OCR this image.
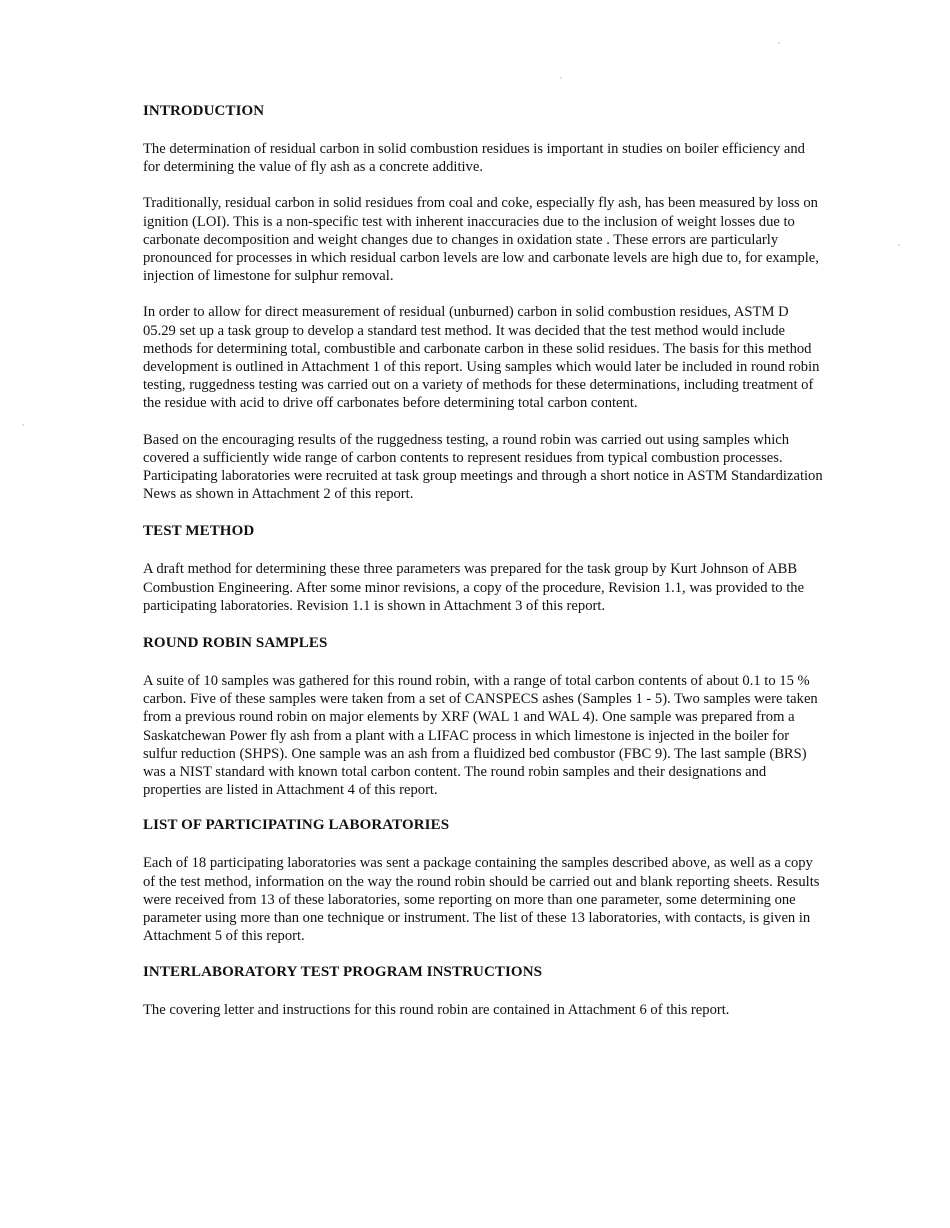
INTRODUCTION

The determination of residual carbon in solid combustion residues is important in studies on boiler efficiency and for determining the value of fly ash as a concrete additive.

Traditionally, residual carbon in solid residues from coal and coke, especially fly ash, has been measured by loss on ignition (LOI). This is a non-specific test with inherent inaccuracies due to the inclusion of weight losses due to carbonate decomposition and weight changes due to changes in oxidation state . These errors are particularly pronounced for processes in which residual carbon levels are low and carbonate levels are high due to, for example, injection of limestone for sulphur removal.

In order to allow for direct measurement of residual (unburned) carbon in solid combustion residues, ASTM D 05.29 set up a task group to develop a standard test method. It was decided that the test method would include methods for determining total, combustible and carbonate carbon in these solid residues. The basis for this method development is outlined in Attachment 1 of this report. Using samples which would later be included in round robin testing, ruggedness testing was carried out on a variety of methods for these determinations, including treatment of the residue with acid to drive off carbonates before determining total carbon content.

Based on the encouraging results of the ruggedness testing, a round robin was carried out using samples which covered a sufficiently wide range of carbon contents to represent residues from typical combustion processes. Participating laboratories were recruited at task group meetings and through a short notice in ASTM Standardization News as shown in Attachment 2 of this report.

TEST METHOD

A draft method for determining these three parameters was prepared for the task group by Kurt Johnson of ABB Combustion Engineering. After some minor revisions, a copy of the procedure, Revision 1.1, was provided to the participating laboratories. Revision 1.1 is shown in Attachment 3 of this report.

ROUND ROBIN SAMPLES

A suite of 10 samples was gathered for this round robin, with a range of total carbon contents of about 0.1 to 15 % carbon. Five of these samples were taken from a set of CANSPECS ashes (Samples 1 - 5). Two samples were taken from a previous round robin on major elements by XRF (WAL 1 and WAL 4). One sample was prepared from a Saskatchewan Power fly ash from a plant with a LIFAC process in which limestone is injected in the boiler for sulfur reduction (SHPS). One sample was an ash from a fluidized bed combustor (FBC 9). The last sample (BRS) was a NIST standard with known total carbon content. The round robin samples and their designations and properties are listed in Attachment 4 of this report.

LIST OF PARTICIPATING LABORATORIES

Each of 18 participating laboratories was sent a package containing the samples described above, as well as a copy of the test method, information on the way the round robin should be carried out and blank reporting sheets. Results were received from 13 of these laboratories, some reporting on more than one parameter, some determining one parameter using more than one technique or instrument. The list of these 13 laboratories, with contacts, is given in Attachment 5 of this report.

INTERLABORATORY TEST PROGRAM INSTRUCTIONS

The covering letter and instructions for this round robin are contained in Attachment 6 of this report.
